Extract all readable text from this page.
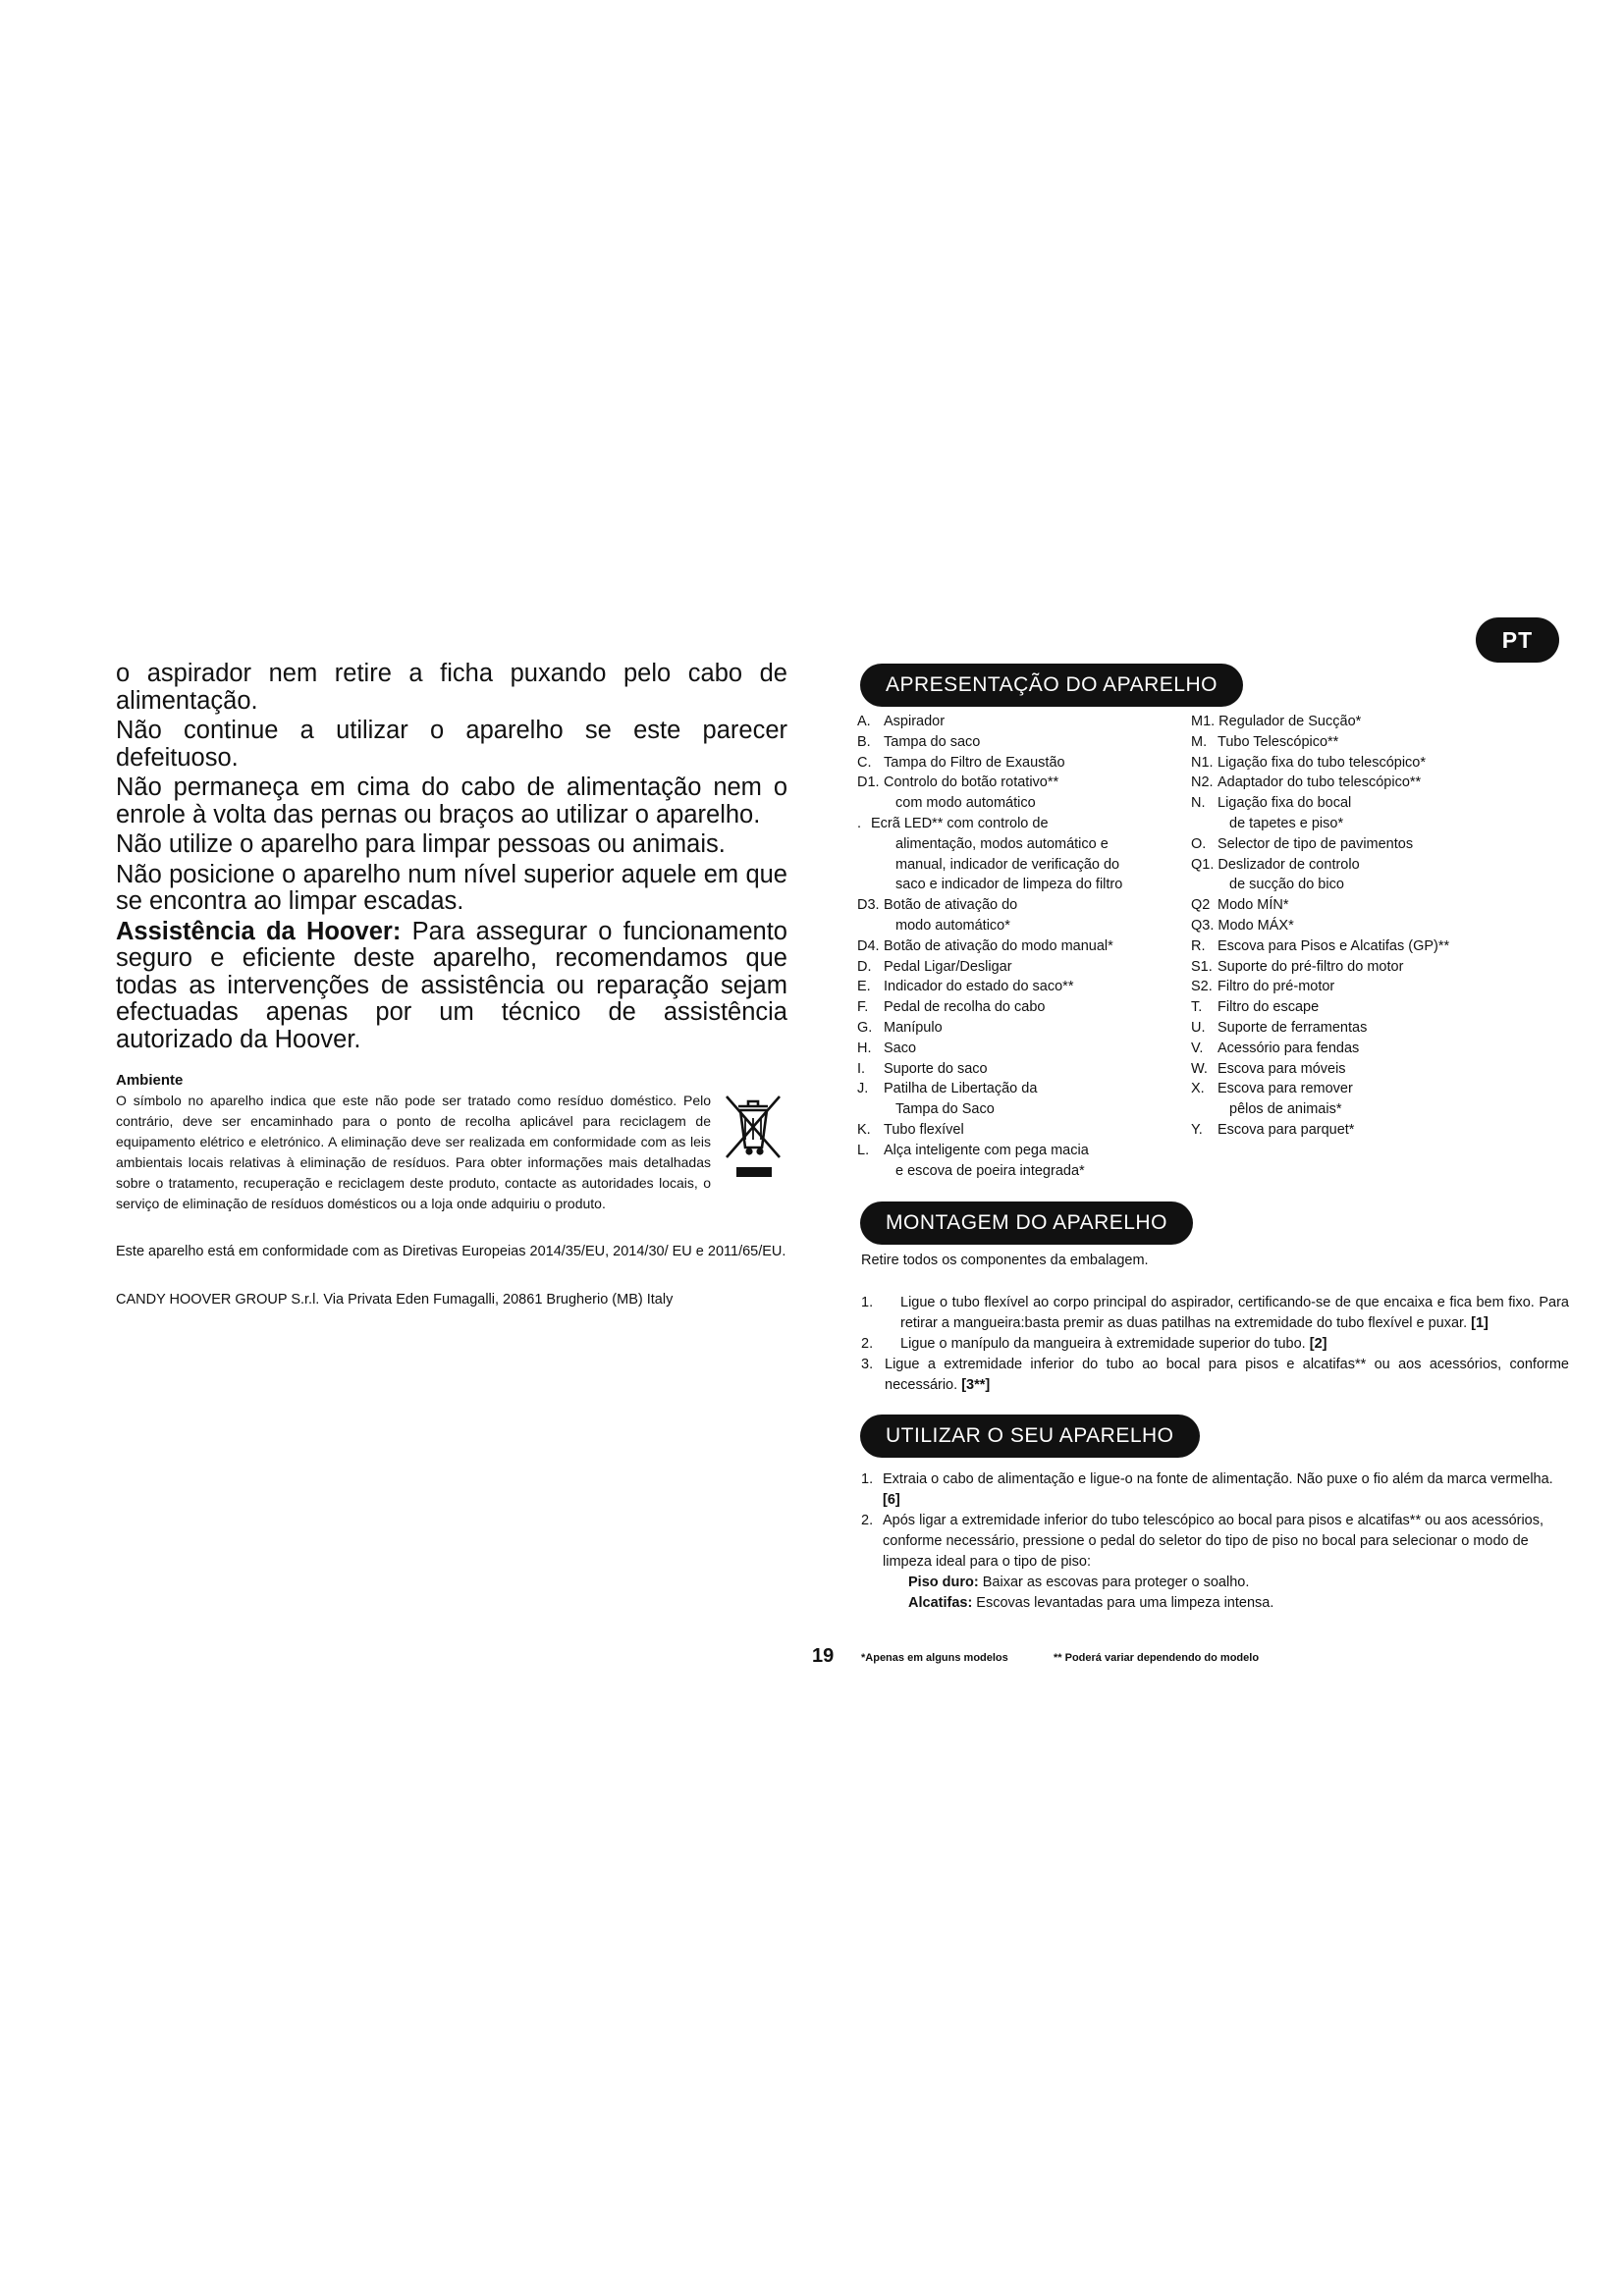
PT

o aspirador nem retire a ficha puxando pelo cabo de alimentação.

Não continue a utilizar o aparelho se este parecer defeituoso.

Não permaneça em cima do cabo de alimentação nem o enrole à volta das pernas ou braços ao utilizar o aparelho.

Não utilize o aparelho para limpar pessoas ou animais.

Não posicione o aparelho num nível superior aquele em que se encontra ao limpar escadas.

Assistência da Hoover: Para assegurar o funcionamento seguro e eficiente deste aparelho, recomendamos que todas as intervenções de assistência ou reparação sejam efectuadas apenas por um técnico de assistência autorizado da Hoover.

Ambiente
O símbolo no aparelho indica que este não pode ser tratado como resíduo doméstico. Pelo contrário, deve ser encaminhado para o ponto de recolha aplicável para reciclagem de equipamento elétrico e eletrónico. A eliminação deve ser realizada em conformidade com as leis ambientais locais relativas à eliminação de resíduos. Para obter informações mais detalhadas sobre o tratamento, recuperação e reciclagem deste produto, contacte as autoridades locais, o serviço de eliminação de resíduos domésticos ou a loja onde adquiriu o produto.

Este aparelho está em conformidade com as Diretivas Europeias 2014/35/EU, 2014/30/ EU e 2011/65/EU.

CANDY HOOVER GROUP S.r.l. Via Privata Eden Fumagalli, 20861 Brugherio (MB) Italy

APRESENTAÇÃO DO APARELHO
A. Aspirador
B. Tampa do saco
C. Tampa do Filtro de Exaustão
D1. Controlo do botão rotativo**
com modo automático
. Ecrã LED** com controlo de
alimentação, modos automático e
manual, indicador de verificação do
saco e indicador de limpeza do filtro
D3. Botão de ativação do
modo automático*
D4. Botão de ativação do modo manual*
D. Pedal Ligar/Desligar
E. Indicador do estado do saco**
F.	Pedal de recolha do cabo
G. Manípulo
H. Saco
I.	Suporte do saco
J.	Patilha de Libertação da
Tampa do Saco
K. Tubo flexível
L.	Alça inteligente com pega macia
e escova de poeira integrada*
M1. Regulador de Sucção*
M. Tubo Telescópico**
N1. Ligação fixa do tubo telescópico*
N2. Adaptador do tubo telescópico**
N. Ligação fixa do bocal
de tapetes e piso*
O. Selector de tipo de pavimentos
Q1. Deslizador de controlo
de sucção do bico
Q2 Modo MÍN*
Q3. Modo MÁX*
R. Escova para Pisos e Alcatifas (GP)**
S1. Suporte do pré-filtro do motor
S2. Filtro do pré-motor
T.	Filtro do escape
U. Suporte de ferramentas
V.	Acessório para fendas
W. Escova para móveis
X. Escova para remover
pêlos de animais*
Y.	Escova para parquet*
MONTAGEM DO APARELHO

Retire todos os componentes da embalagem.

1.	Ligue o tubo flexível ao corpo principal do aspirador, certificando-se de que encaixa e fica bem fixo. Para retirar a mangueira:basta premir as duas patilhas na extremidade do tubo flexível e puxar. [1]
2.	Ligue o manípulo da mangueira à extremidade superior do tubo. [2]
3. Ligue a extremidade inferior do tubo ao bocal para pisos e alcatifas** ou aos acessórios, conforme necessário. [3**]
UTILIZAR O SEU APARELHO
1. Extraia o cabo de alimentação e ligue-o na fonte de alimentação. Não puxe o fio além da marca vermelha. [6]
2. Após ligar a extremidade inferior do tubo telescópico ao bocal para pisos e alcatifas** ou aos acessórios, conforme necessário, pressione o pedal do seletor do tipo de piso no bocal para selecionar o modo de limpeza ideal para o tipo de piso:
Piso duro: Baixar as escovas para proteger o soalho.
Alcatifas: Escovas levantadas para uma limpeza intensa.
19	*Apenas em alguns modelos	** Poderá variar dependendo do modelo
